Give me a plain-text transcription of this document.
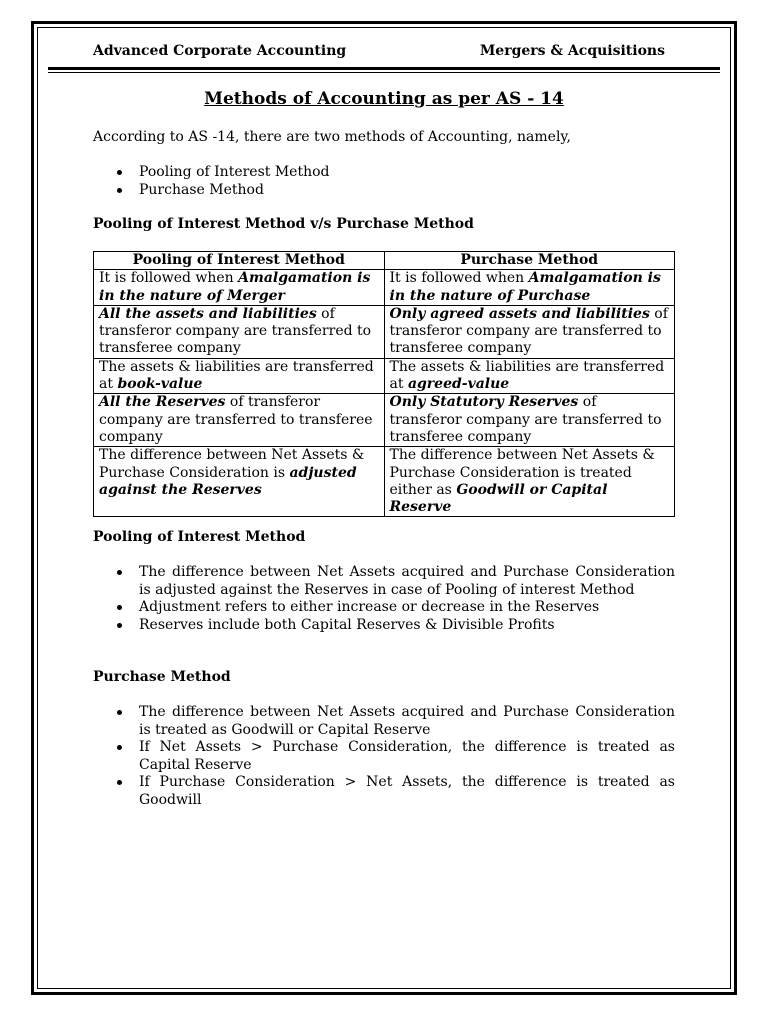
Advanced Corporate Accounting	Mergers & Acquisitions
Methods of Accounting as per AS - 14
According to AS -14, there are two methods of Accounting, namely,
Pooling of Interest Method
Purchase Method
Pooling of Interest Method v/s Purchase Method
Pooling of Interest Method	Purchase Method
It is followed when Amalgamation is in the nature of Merger	It is followed when Amalgamation is in the nature of Purchase
All the assets and liabilities of transferor company are transferred to transferee company	Only agreed assets and liabilities of transferor company are transferred to transferee company
The assets & liabilities are transferred at book-value	The assets & liabilities are transferred at agreed-value
All the Reserves of transferor company are transferred to transferee company	Only Statutory Reserves of transferor company are transferred to transferee company
The difference between Net Assets & Purchase Consideration is adjusted against the Reserves	The difference between Net Assets & Purchase Consideration is treated either as Goodwill or Capital Reserve
Pooling of Interest Method
The difference between Net Assets acquired and Purchase Consideration is adjusted against the Reserves in case of Pooling of interest Method
Adjustment refers to either increase or decrease in the Reserves
Reserves include both Capital Reserves & Divisible Profits
Purchase Method
The difference between Net Assets acquired and Purchase Consideration is treated as Goodwill or Capital Reserve
If Net Assets > Purchase Consideration, the difference is treated as Capital Reserve
If Purchase Consideration > Net Assets, the difference is treated as Goodwill
